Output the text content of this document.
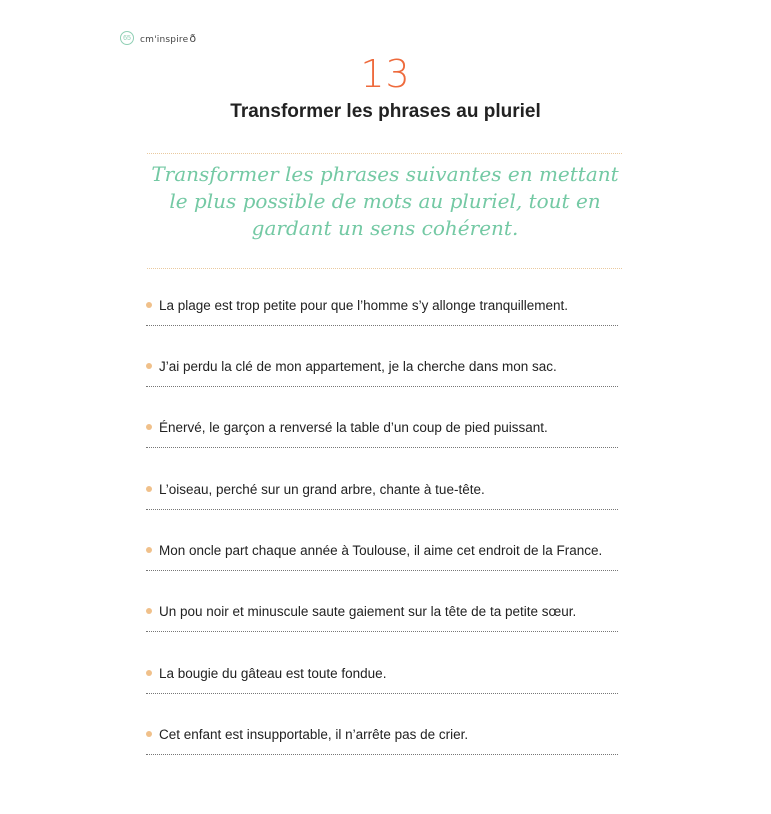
65	cm'inspire ð
13
Transformer les phrases au pluriel
Transformer les phrases suivantes en mettant le plus possible de mots au pluriel, tout en gardant un sens cohérent.
La plage est trop petite pour que l’homme s’y allonge tranquillement.
J’ai perdu la clé de mon appartement, je la cherche dans mon sac.
Énervé, le garçon a renversé la table d’un coup de pied puissant.
L’oiseau, perché sur un grand arbre, chante à tue-tête.
Mon oncle part chaque année à Toulouse, il aime cet endroit de la France.
Un pou noir et minuscule saute gaiement sur la tête de ta petite sœur.
La bougie du gâteau est toute fondue.
Cet enfant est insupportable, il n’arrête pas de crier.
